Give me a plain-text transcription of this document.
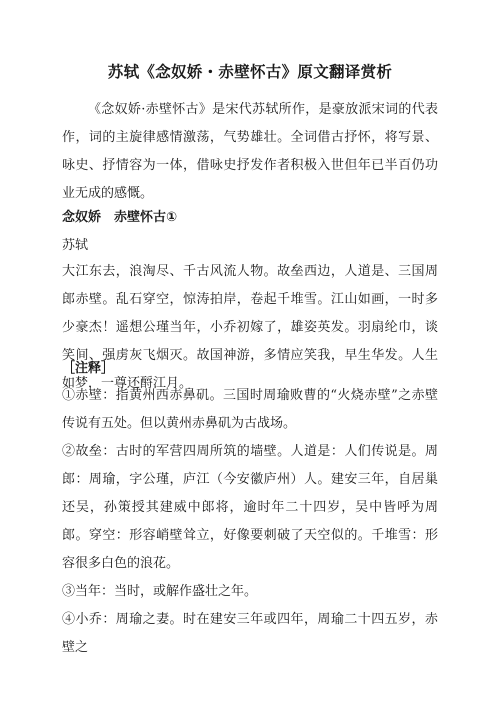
苏轼《念奴娇・赤壁怀古》原文翻译赏析
《念奴娇·赤壁怀古》是宋代苏轼所作，是豪放派宋词的代表作，词的主旋律感情激荡，气势雄壮。全词借古抒怀，将写景、咏史、抒情容为一体，借咏史抒发作者积极入世但年已半百仍功业无成的感慨。
念奴娇　赤壁怀古①
苏轼
大江东去，浪淘尽、千古风流人物。故垒西边，人道是、三国周郎赤壁。乱石穿空，惊涛拍岸，卷起千堆雪。江山如画，一时多少豪杰！遥想公瑾当年，小乔初嫁了，雄姿英发。羽扇纶巾，谈笑间、强虏灰飞烟灭。故国神游，多情应笑我，早生华发。人生如梦，一尊还酹江月。
［注释］

①赤壁：指黄州西赤鼻矶。三国时周瑜败曹的“火烧赤壁”之赤壁传说有五处。但以黄州赤鼻矶为古战场。

②故垒：古时的军营四周所筑的墙壁。人道是：人们传说是。周郎：周瑜，字公瑾，庐江（今安徽庐州）人。建安三年，自居巢还吴，孙策授其建威中郎将，逾时年二十四岁，吴中皆呼为周郎。穿空：形容峭壁耸立，好像要刺破了天空似的。千堆雪：形容很多白色的浪花。

③当年：当时，或解作盛壮之年。

④小乔：周瑜之妻。时在建安三年或四年，周瑜二十四五岁，赤壁之
